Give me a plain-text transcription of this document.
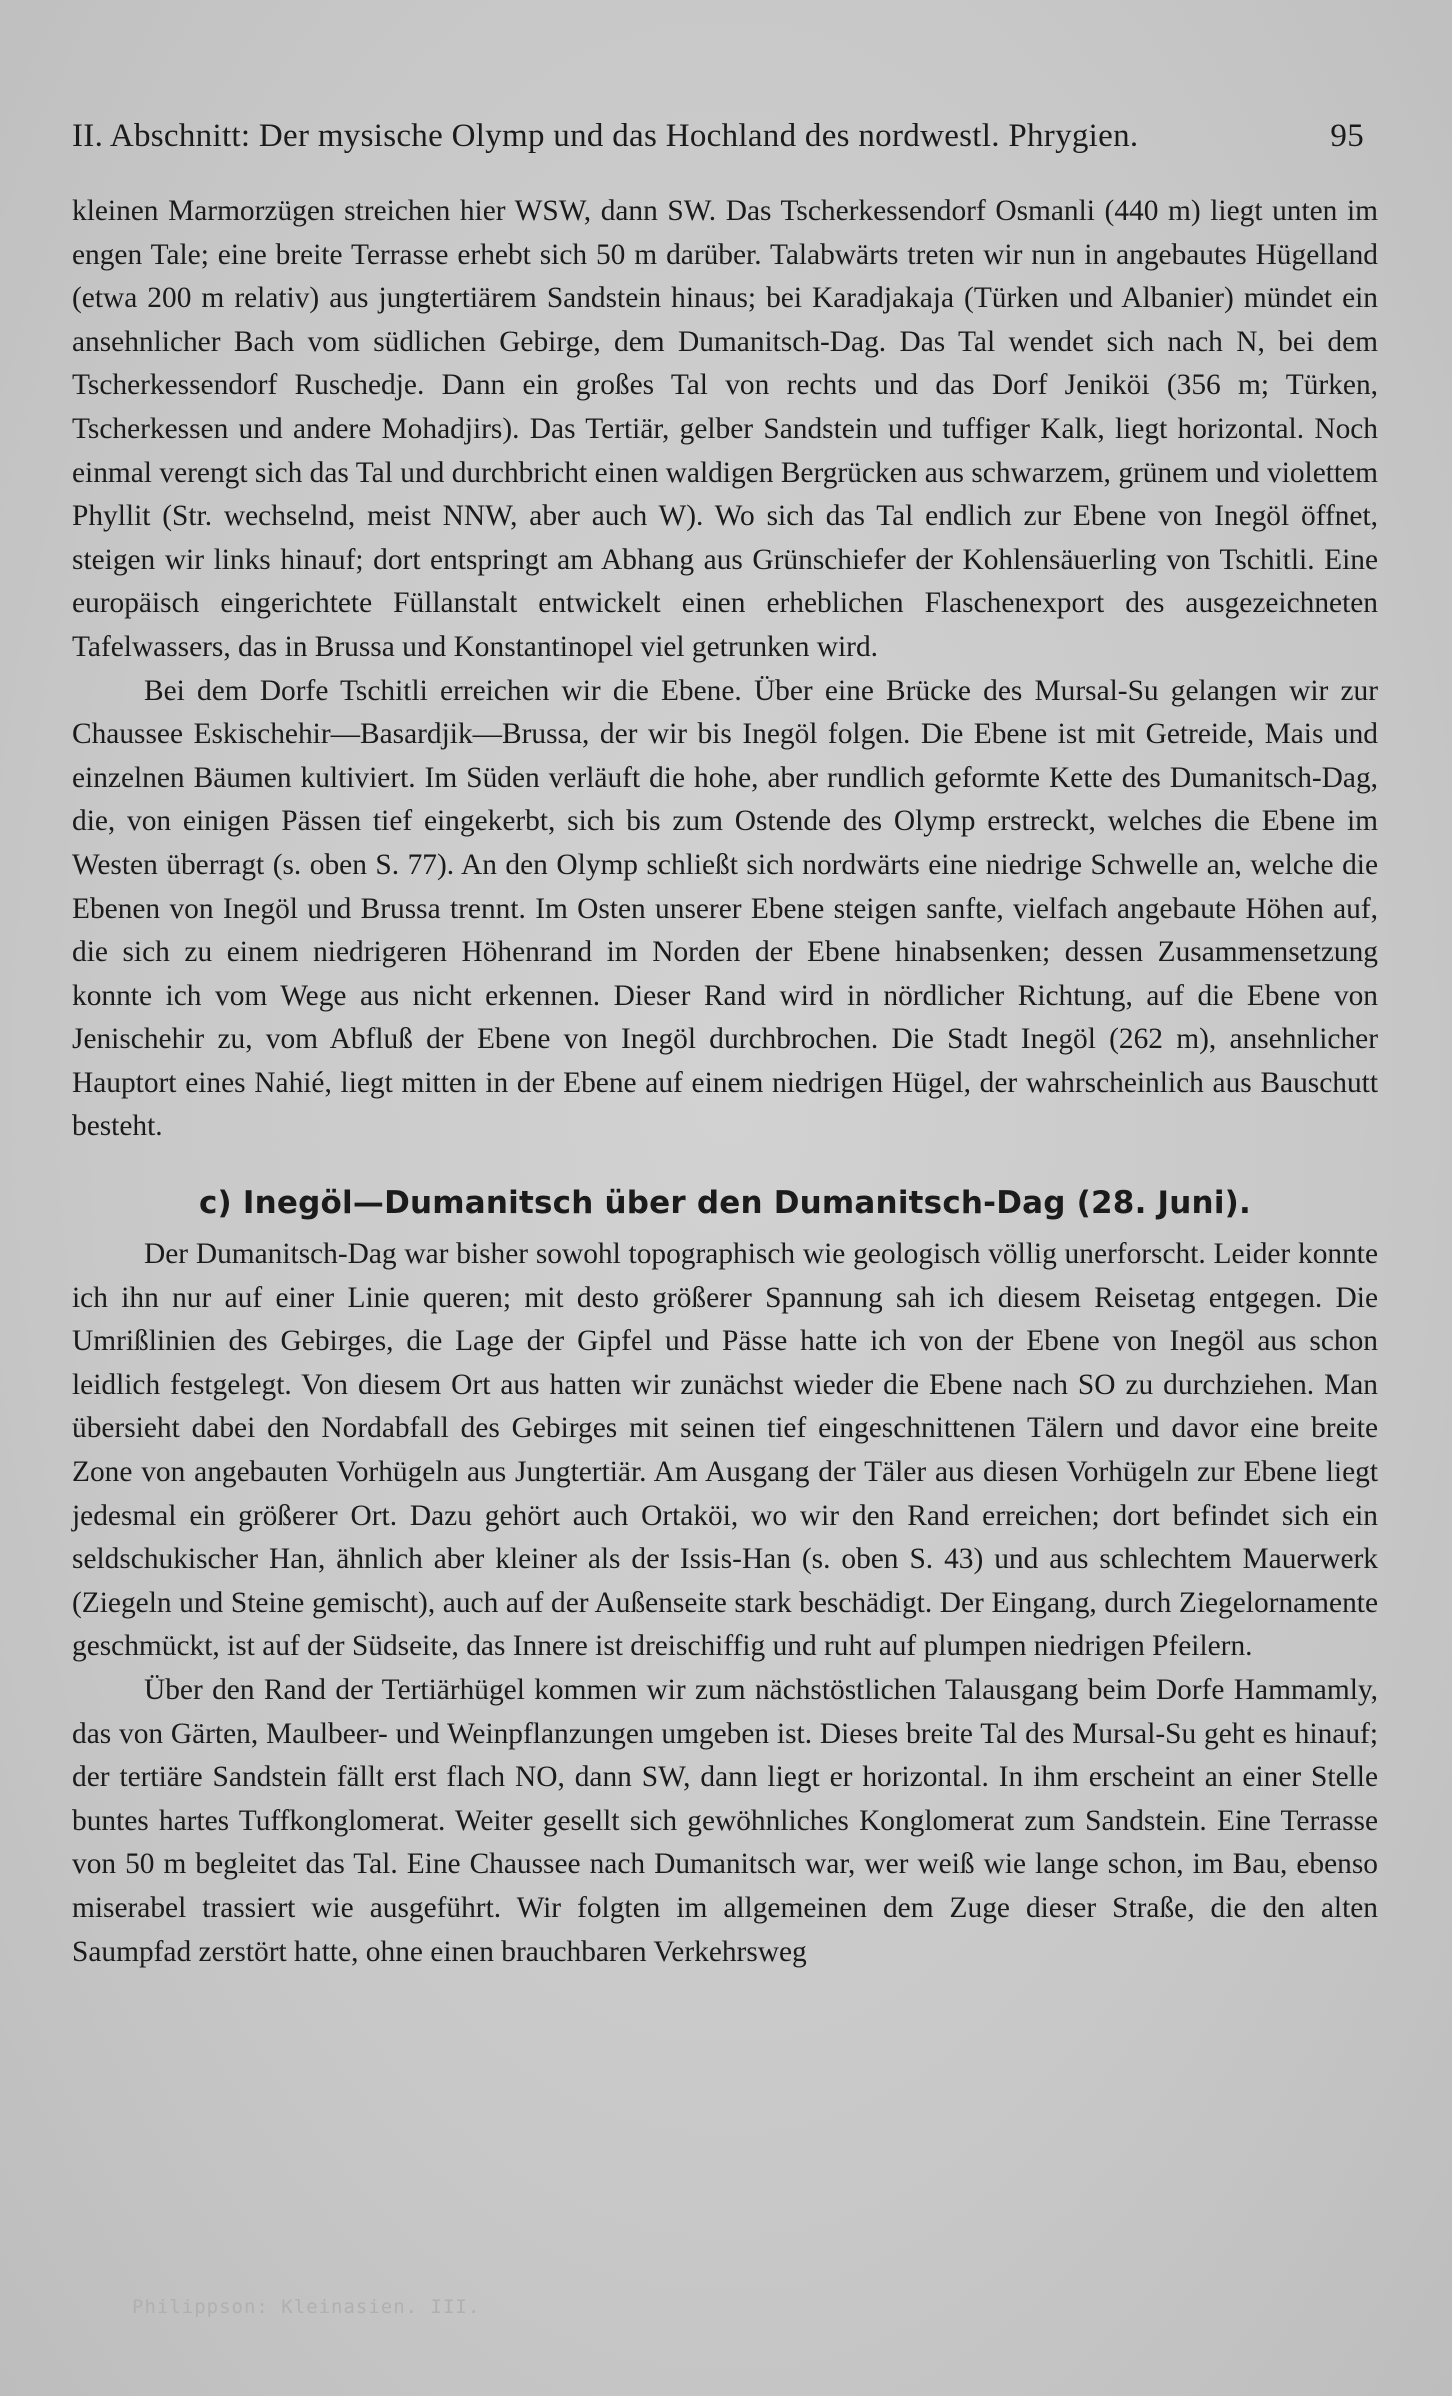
II. Abschnitt: Der mysische Olymp und das Hochland des nordwestl. Phrygien.	95

kleinen Marmorzügen streichen hier WSW, dann SW. Das Tscherkessendorf Osmanli (440 m) liegt unten im engen Tale; eine breite Terrasse erhebt sich 50 m darüber. Talabwärts treten wir nun in angebautes Hügelland (etwa 200 m relativ) aus jungtertiärem Sandstein hinaus; bei Karadjakaja (Türken und Albanier) mündet ein ansehnlicher Bach vom südlichen Gebirge, dem Dumanitsch-Dag. Das Tal wendet sich nach N, bei dem Tscherkessendorf Ruschedje. Dann ein großes Tal von rechts und das Dorf Jeniköi (356 m; Türken, Tscherkessen und andere Mohadjirs). Das Tertiär, gelber Sandstein und tuffiger Kalk, liegt horizontal. Noch einmal verengt sich das Tal und durchbricht einen waldigen Bergrücken aus schwarzem, grünem und violettem Phyllit (Str. wechselnd, meist NNW, aber auch W). Wo sich das Tal endlich zur Ebene von Inegöl öffnet, steigen wir links hinauf; dort entspringt am Abhang aus Grünschiefer der Kohlensäuerling von Tschitli. Eine europäisch eingerichtete Füllanstalt entwickelt einen erheblichen Flaschenexport des ausgezeichneten Tafelwassers, das in Brussa und Konstantinopel viel getrunken wird.

Bei dem Dorfe Tschitli erreichen wir die Ebene. Über eine Brücke des Mursal-Su gelangen wir zur Chaussee Eskischehir—Basardjik—Brussa, der wir bis Inegöl folgen. Die Ebene ist mit Getreide, Mais und einzelnen Bäumen kultiviert. Im Süden verläuft die hohe, aber rundlich geformte Kette des Dumanitsch-Dag, die, von einigen Pässen tief eingekerbt, sich bis zum Ostende des Olymp erstreckt, welches die Ebene im Westen überragt (s. oben S. 77). An den Olymp schließt sich nordwärts eine niedrige Schwelle an, welche die Ebenen von Inegöl und Brussa trennt. Im Osten unserer Ebene steigen sanfte, vielfach angebaute Höhen auf, die sich zu einem niedrigeren Höhenrand im Norden der Ebene hinabsenken; dessen Zusammensetzung konnte ich vom Wege aus nicht erkennen. Dieser Rand wird in nördlicher Richtung, auf die Ebene von Jenischehir zu, vom Abfluß der Ebene von Inegöl durchbrochen. Die Stadt Inegöl (262 m), ansehnlicher Hauptort eines Nahié, liegt mitten in der Ebene auf einem niedrigen Hügel, der wahrscheinlich aus Bauschutt besteht.

c) Inegöl—Dumanitsch über den Dumanitsch-Dag (28. Juni).

Der Dumanitsch-Dag war bisher sowohl topographisch wie geologisch völlig unerforscht. Leider konnte ich ihn nur auf einer Linie queren; mit desto größerer Spannung sah ich diesem Reisetag entgegen. Die Umrißlinien des Gebirges, die Lage der Gipfel und Pässe hatte ich von der Ebene von Inegöl aus schon leidlich festgelegt. Von diesem Ort aus hatten wir zunächst wieder die Ebene nach SO zu durchziehen. Man übersieht dabei den Nordabfall des Gebirges mit seinen tief eingeschnittenen Tälern und davor eine breite Zone von angebauten Vorhügeln aus Jungtertiär. Am Ausgang der Täler aus diesen Vorhügeln zur Ebene liegt jedesmal ein größerer Ort. Dazu gehört auch Ortaköi, wo wir den Rand erreichen; dort befindet sich ein seldschukischer Han, ähnlich aber kleiner als der Issis-Han (s. oben S. 43) und aus schlechtem Mauerwerk (Ziegeln und Steine gemischt), auch auf der Außenseite stark beschädigt. Der Eingang, durch Ziegelornamente geschmückt, ist auf der Südseite, das Innere ist dreischiffig und ruht auf plumpen niedrigen Pfeilern.

Über den Rand der Tertiärhügel kommen wir zum nächstöstlichen Talausgang beim Dorfe Hammamly, das von Gärten, Maulbeer- und Weinpflanzungen umgeben ist. Dieses breite Tal des Mursal-Su geht es hinauf; der tertiäre Sandstein fällt erst flach NO, dann SW, dann liegt er horizontal. In ihm erscheint an einer Stelle buntes hartes Tuffkonglomerat. Weiter gesellt sich gewöhnliches Konglomerat zum Sandstein. Eine Terrasse von 50 m begleitet das Tal. Eine Chaussee nach Dumanitsch war, wer weiß wie lange schon, im Bau, ebenso miserabel trassiert wie ausgeführt. Wir folgten im allgemeinen dem Zuge dieser Straße, die den alten Saumpfad zerstört hatte, ohne einen brauchbaren Verkehrsweg

Philippson: Kleinasien. III.
